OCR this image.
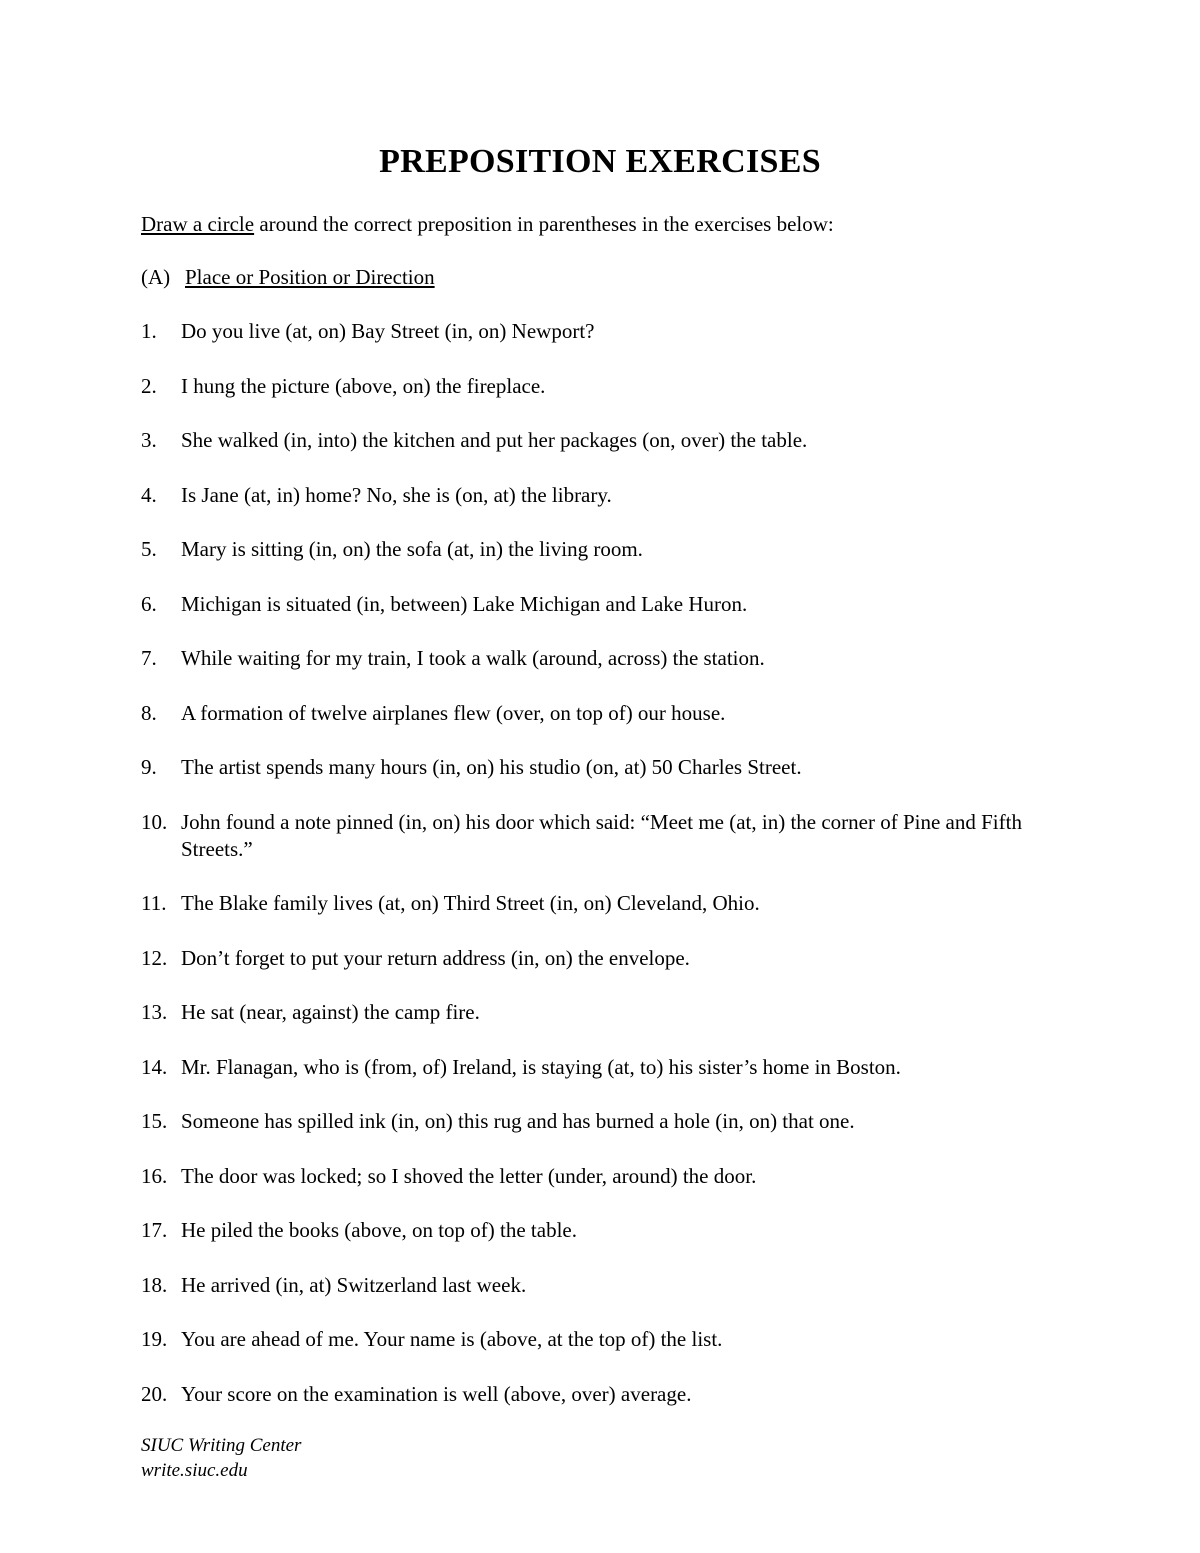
PREPOSITION EXERCISES
Draw a circle around the correct preposition in parentheses in the exercises below:
(A) Place or Position or Direction
1. Do you live (at, on) Bay Street (in, on) Newport?
2. I hung the picture (above, on) the fireplace.
3. She walked (in, into) the kitchen and put her packages (on, over) the table.
4. Is Jane (at, in) home? No, she is (on, at) the library.
5. Mary is sitting (in, on) the sofa (at, in) the living room.
6. Michigan is situated (in, between) Lake Michigan and Lake Huron.
7. While waiting for my train, I took a walk (around, across) the station.
8. A formation of twelve airplanes flew (over, on top of) our house.
9. The artist spends many hours (in, on) his studio (on, at) 50 Charles Street.
10. John found a note pinned (in, on) his door which said: “Meet me (at, in) the corner of Pine and Fifth Streets.”
11. The Blake family lives (at, on) Third Street (in, on) Cleveland, Ohio.
12. Don’t forget to put your return address (in, on) the envelope.
13. He sat (near, against) the camp fire.
14. Mr. Flanagan, who is (from, of) Ireland, is staying (at, to) his sister’s home in Boston.
15. Someone has spilled ink (in, on) this rug and has burned a hole (in, on) that one.
16. The door was locked; so I shoved the letter (under, around) the door.
17. He piled the books (above, on top of) the table.
18. He arrived (in, at) Switzerland last week.
19. You are ahead of me. Your name is (above, at the top of) the list.
20. Your score on the examination is well (above, over) average.
SIUC Writing Center
write.siuc.edu
